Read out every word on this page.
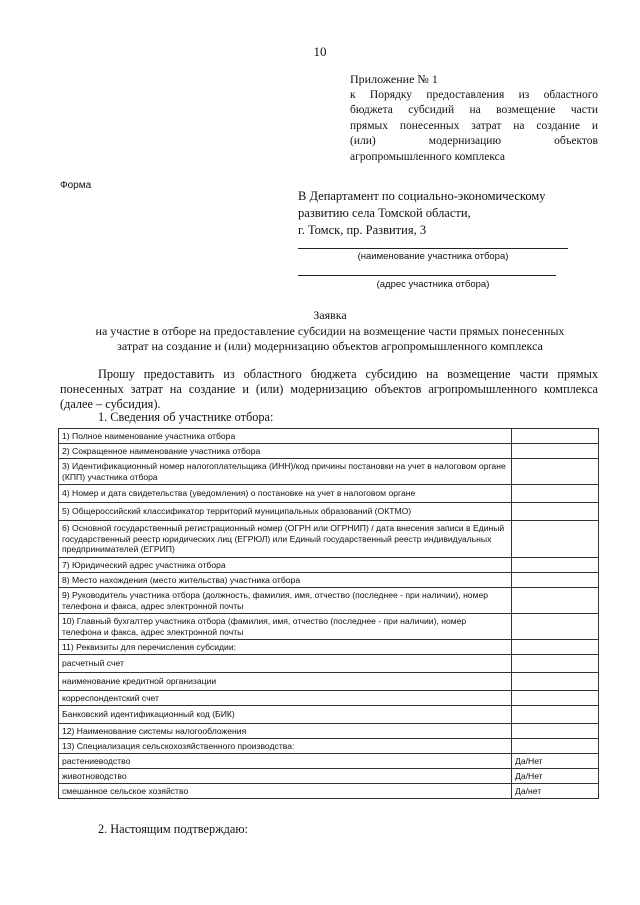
10
Приложение № 1
к Порядку предоставления из областного
бюджета субсидий на возмещение части
прямых понесенных затрат на создание и
(или) модернизацию объектов
агропромышленного комплекса
Форма
В Департамент по социально-экономическому
развитию села Томской области,
г. Томск, пр. Развития, 3
(наименование участника отбора)
(адрес участника отбора)
Заявка
на участие в отборе на предоставление субсидии на возмещение части прямых понесенных
затрат на создание и (или) модернизацию объектов агропромышленного комплекса
Прошу предоставить из областного бюджета субсидию на возмещение части прямых понесенных затрат на создание и (или) модернизацию объектов агропромышленного комплекса (далее – субсидия).
1. Сведения об участнике отбора:
1) Полное наименование участника отбора	
2) Сокращенное наименование участника отбора	
3) Идентификационный номер налогоплательщика (ИНН)/код причины постановки на учет в налоговом органе (КПП) участника отбора	
4) Номер и дата свидетельства (уведомления) о постановке на учет в налоговом органе	
5) Общероссийский классификатор территорий муниципальных образований (ОКТМО)	
6) Основной государственный регистрационный номер (ОГРН или ОГРНИП) / дата внесения записи в Единый государственный реестр юридических лиц (ЕГРЮЛ) или Единый государственный реестр индивидуальных предпринимателей (ЕГРИП)	
7) Юридический адрес участника отбора	
8) Место нахождения (место жительства) участника отбора	
9) Руководитель участника отбора (должность, фамилия, имя, отчество (последнее - при наличии), номер телефона и факса, адрес электронной почты	
10) Главный бухгалтер участника отбора (фамилия, имя, отчество (последнее - при наличии), номер телефона и факса, адрес электронной почты	
11) Реквизиты для перечисления субсидии:	
расчетный счет	
наименование кредитной организации	
корреспондентский счет	
Банковский идентификационный код (БИК)	
12) Наименование системы налогообложения	
13) Специализация сельскохозяйственного производства:	
растениеводство	Да/Нет
животноводство	Да/Нет
смешанное сельское хозяйство	Да/нет
2. Настоящим подтверждаю:
